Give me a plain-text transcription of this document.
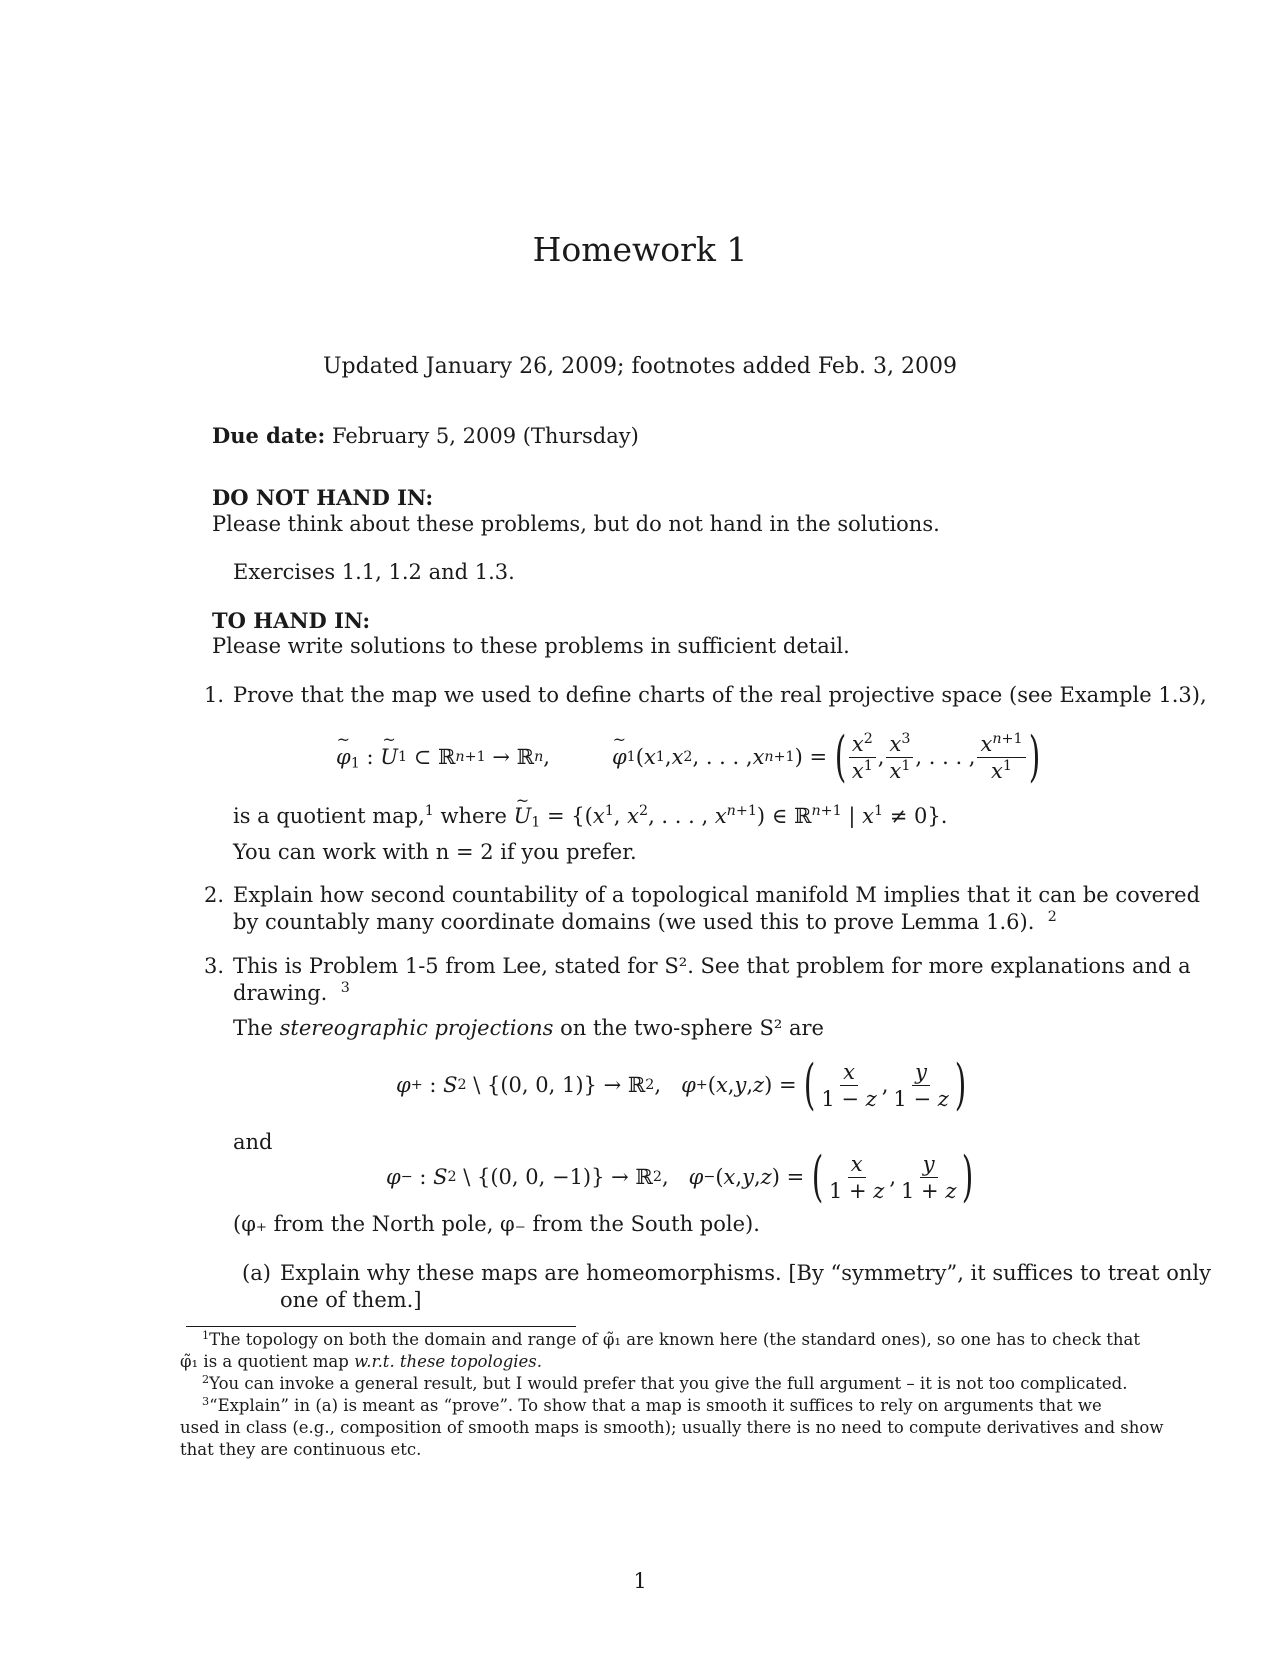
Homework 1
Updated January 26, 2009; footnotes added Feb. 3, 2009
Due date: February 5, 2009 (Thursday)
DO NOT HAND IN:
Please think about these problems, but do not hand in the solutions.
Exercises 1.1, 1.2 and 1.3.
TO HAND IN:
Please write solutions to these problems in sufficient detail.
1. Prove that the map we used to define charts of the real projective space (see Example 1.3),
~ $\varphi_1$ : ~ U 1 ⊂ ℝ n+1 → ℝ n ,	~ φ 1 ( x 1 , x 2 , . . . , x n+1 ) = ( $\frac{x^2}{x^1}$ , $\frac{x^3}{x^1}$ , . . . , $\frac{x^{n+1}}{x^1}$ )
is a quotient map,$^1$ where ~ $U_1 = \{(x^1$, $x^2$, . . . , $x^{n+1}$) ∈ ℝ$^{n+1}$ | $x^1 \ne 0$}.
You can work with n = 2 if you prefer.
2. Explain how second countability of a topological manifold M implies that it can be covered
by countably many coordinate domains (we used this to prove Lemma 1.6). $^2$
3. This is Problem 1-5 from Lee, stated for S². See that problem for more explanations and a
drawing. $^3$
The stereographic projections on the two-sphere S² are
φ + : S 2 \ {(0, 0, 1)} → ℝ 2 , φ + ( x , y , z ) = ( $\frac{x}{1 - z}$ , $\frac{y}{1 - z}$ )
and
φ − : S 2 \ {(0, 0, −1)} → ℝ 2 , φ − ( x , y , z ) = ( $\frac{x}{1 + z}$ , $\frac{y}{1 + z}$ )
(φ₊ from the North pole, φ₋ from the South pole).
(a) Explain why these maps are homeomorphisms. [By “symmetry”, it suffices to treat only
one of them.]
$^1$The topology on both the domain and range of φ̃₁ are known here (the standard ones), so one has to check that
φ̃₁ is a quotient map w.r.t. these topologies.
$^2$You can invoke a general result, but I would prefer that you give the full argument – it is not too complicated.
$^3$“Explain” in (a) is meant as “prove”. To show that a map is smooth it suffices to rely on arguments that we
used in class (e.g., composition of smooth maps is smooth); usually there is no need to compute derivatives and show
that they are continuous etc.
1
